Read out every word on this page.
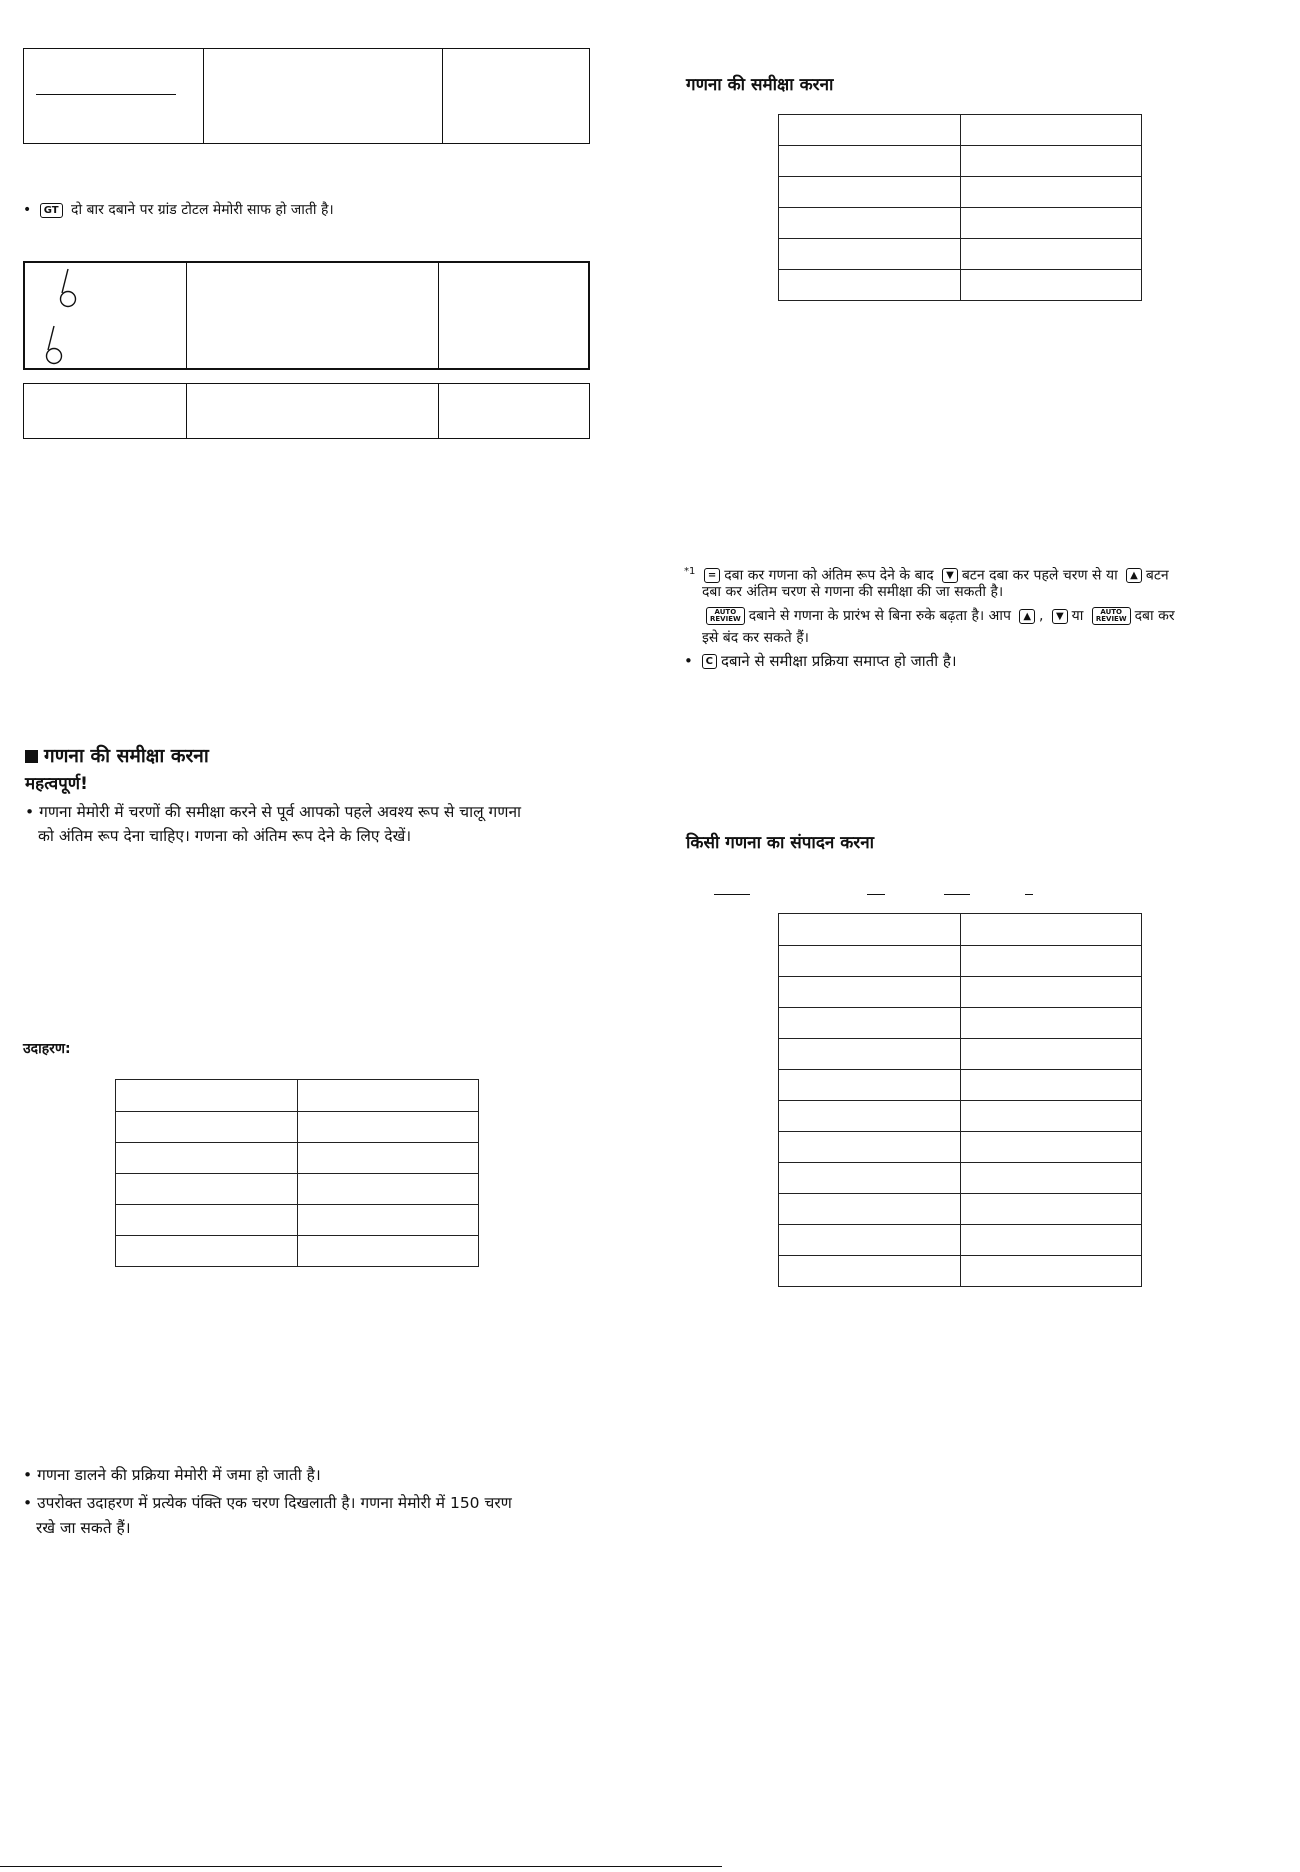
• GT दो बार दबाने पर ग्रांड टोटल मेमोरी साफ हो जाती है।
गणना की समीक्षा करना
महत्वपूर्ण!
• गणना मेमोरी में चरणों की समीक्षा करने से पूर्व आपको पहले अवश्य रूप से चालू गणना
को अंतिम रूप देना चाहिए। गणना को अंतिम रूप देने के लिए देखें।
उदाहरण:

• गणना डालने की प्रक्रिया मेमोरी में जमा हो जाती है।
• उपरोक्त उदाहरण में प्रत्येक पंक्ति एक चरण दिखलाती है। गणना मेमोरी में 150 चरण
रखे जा सकते हैं।
गणना की समीक्षा करना

$^{*1}$ = दबा कर गणना को अंतिम रूप देने के बाद ▼ बटन दबा कर पहले चरण से या ▲ बटन
दबा कर अंतिम चरण से गणना की समीक्षा की जा सकती है।
AUTO
REVIEW दबाने से गणना के प्रारंभ से बिना रुके बढ़ता है। आप ▲ , ▼ या AUTO
REVIEW दबा कर
इसे बंद कर सकते हैं।
• C दबाने से समीक्षा प्रक्रिया समाप्त हो जाती है।
किसी गणना का संपादन करना
